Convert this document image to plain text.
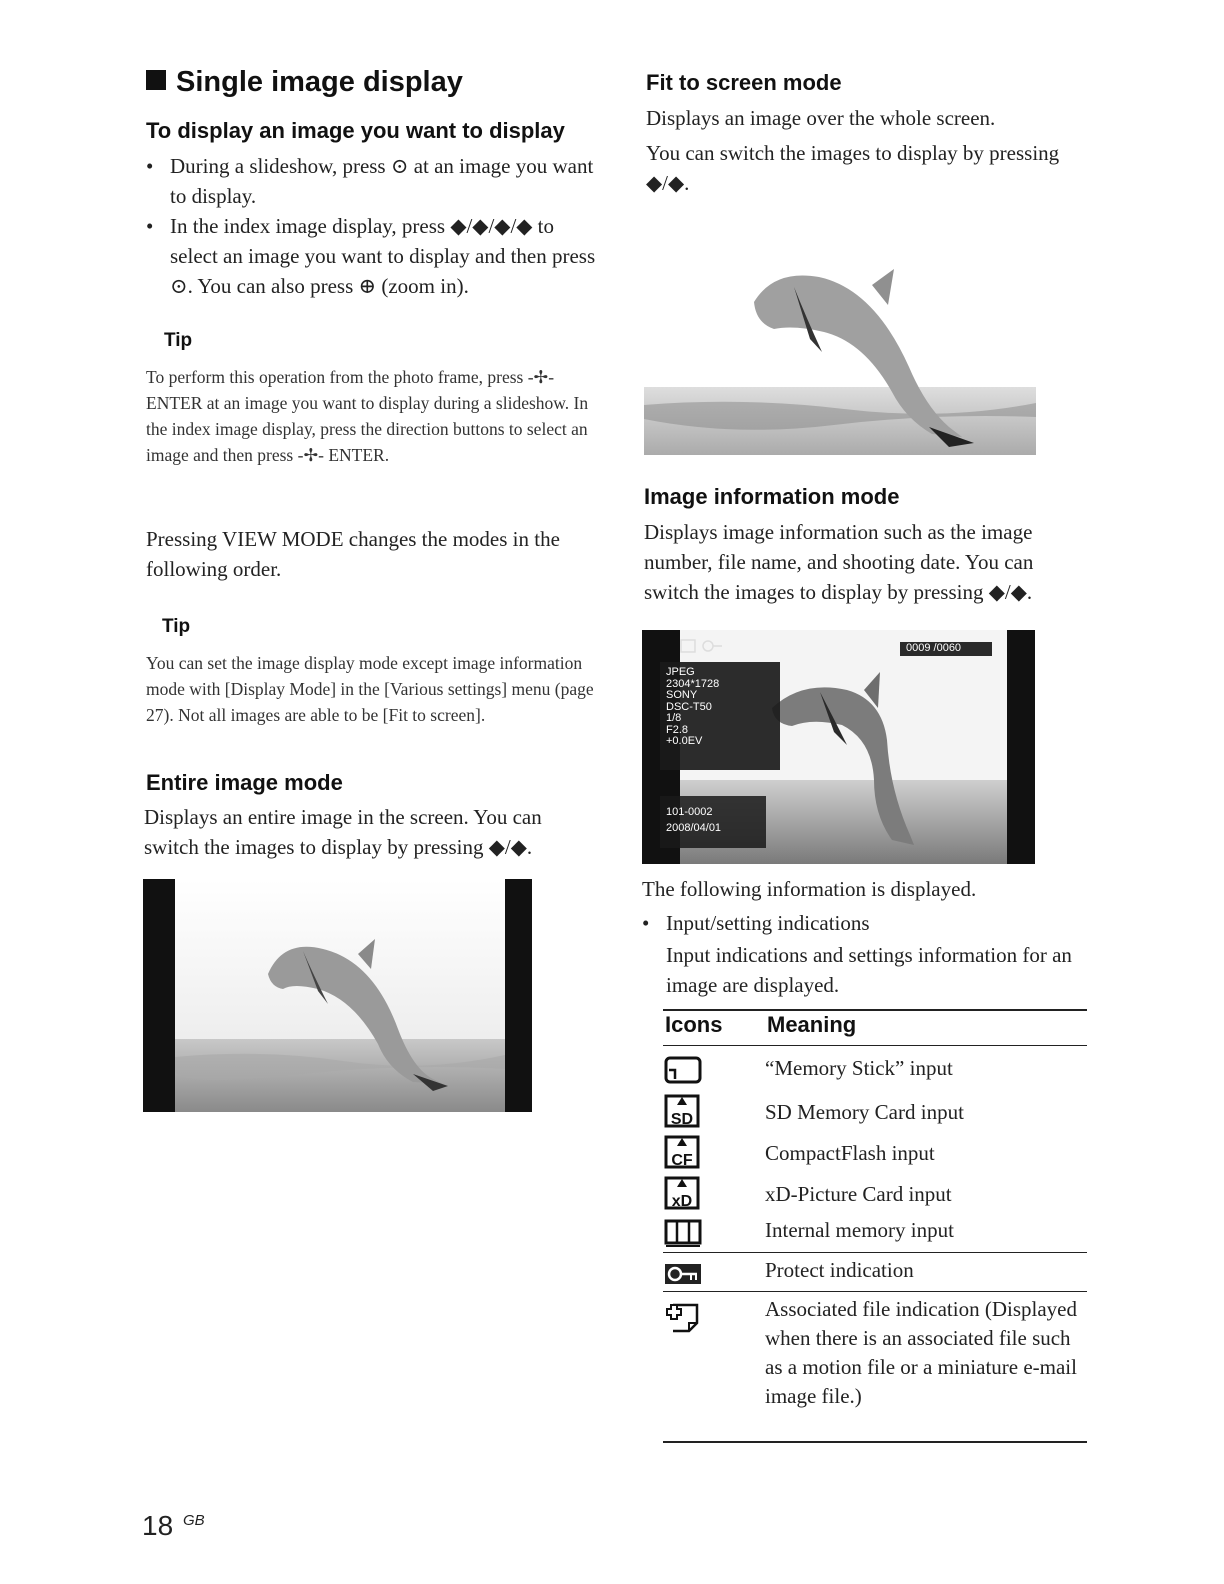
Single image display
To display an image you want to display
• During a slideshow, press ⊙ at an image you want to display.
• In the index image display, press ◆/◆/◆/◆ to select an image you want to display and then press ⊙. You can also press ⊕ (zoom in).
Tip
To perform this operation from the photo frame, press -✢- ENTER at an image you want to display during a slideshow. In the index image display, press the direction buttons to select an image and then press -✢- ENTER.
Pressing VIEW MODE changes the modes in the following order.
Tip
You can set the image display mode except image information mode with [Display Mode] in the [Various settings] menu (page 27). Not all images are able to be [Fit to screen].
Entire image mode
Displays an entire image in the screen. You can switch the images to display by pressing ◆/◆.
Fit to screen mode
Displays an image over the whole screen.
You can switch the images to display by pressing ◆/◆.
Image information mode
Displays image information such as the image number, file name, and shooting date. You can switch the images to display by pressing ◆/◆.
0009 /0060
JPEG
2304*1728
SONY
DSC-T50
1/8
F2.8
+0.0EV
101-0002
2008/04/01
The following information is displayed.
• Input/setting indications
Input indications and settings information for an image are displayed.
Icons Meaning
“Memory Stick” input
SD	SD Memory Card input
CF	CompactFlash input
xD	xD-Picture Card input
Internal memory input
Protect indication
Associated file indication (Displayed when there is an associated file such as a motion file or a miniature e-mail image file.)
18 $^{GB}$
